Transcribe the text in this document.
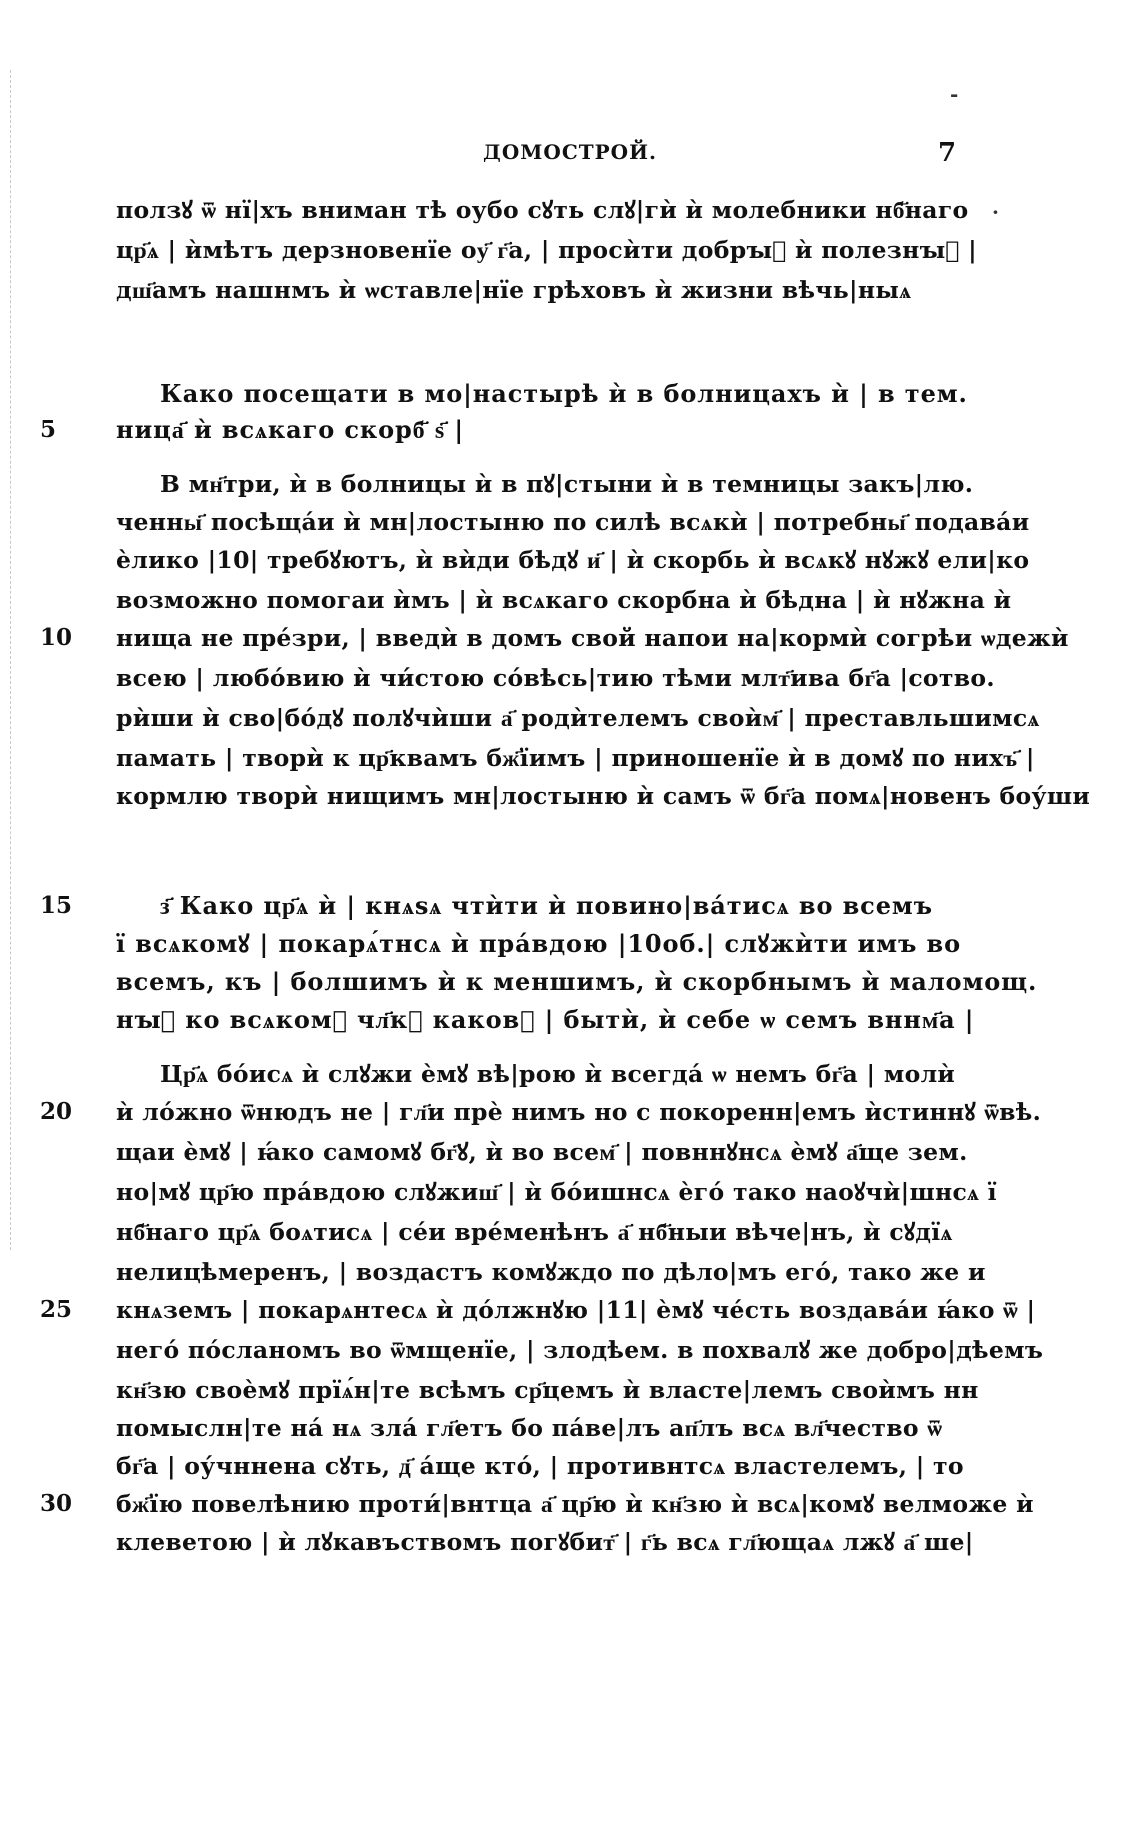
ДОМОСТРОЙ.	7
-
·
5
10
15
20
25
30
ползꙋ ѿ нї|хъ вниман тѣ оубо сꙋть слꙋ|гѝ ѝ молебники нб҃наго
цр҃ѧ | ѝмѣтъ дерзновенїе оу҃ г҃а, | просѝти добрꙑ҃ ѝ полезнꙑ҃ |
дш҃амъ нашнмъ ѝ ѡставле|нїе грѣховъ ѝ жизни вѣчь|ныѧ
Како посещати в мо|настырѣ ѝ в болницахъ ѝ | в тем.
ница҃ ѝ всѧкаго скорб҃ ѕ҃ |
В мн҃три, ѝ в болницы ѝ в пꙋ|стыни ѝ в темницы закъ|лю.
ченны҃ посѣща́и ѝ мн|лостыню по силѣ всѧкѝ | потребны҃ подава́и
ѐлико |10| требꙋютъ, ѝ вѝди бѣдꙋ и҃ | ѝ скорбь ѝ всѧкꙋ нꙋжꙋ ели|ко
возможно помогаи ѝмъ | ѝ всѧкаго скорбна ѝ бѣдна | ѝ нꙋжна ѝ
нища не пре́зри, | введѝ в домъ свой напои на|кормѝ согрѣи ѡдежѝ
всею | любо́вию ѝ чи́стою со́вѣсь|тию тѣми млт҃ива бг҃а |сотво.
рѝши ѝ сво|бо́дꙋ полꙋчѝши а҃ родѝтелемъ своѝм҃ | преставльшимсѧ
памать | творѝ к цр҃квамъ бж҃їимъ | приношенїе ѝ в домꙋ по нихъ҃ |
кормлю творѝ нищимъ мн|лостыню ѝ самъ ѿ бг҃а помѧ|новенъ боу́ши
з҃ Како цр҃ѧ ѝ | кнѧѕѧ чтѝти ѝ повино|ва́тисѧ во всемъ
ї всѧкомꙋ | покарѧ́тнсѧ ѝ пра́вдою |10об.| слꙋжѝти имъ во
всемъ, къ | болшимъ ѝ к меншимъ, ѝ скорбнымъ ѝ маломощ.
нꙑ҃ ко всѧкомꙋ чл҃кꙋ каковꙋ | бытѝ, ѝ себе ѡ семъ вннм҃а |
Цр҃ѧ бо́исѧ ѝ слꙋжи ѐмꙋ вѣ|рою ѝ всегда́ ѡ немъ бг҃а | молѝ
ѝ ло́жно ѿнюдъ не | гл҃и прѐ нимъ но с покоренн|емъ ѝстиннꙋ ѿвѣ.
щаи ѐмꙋ | ꙗ́ко самомꙋ бг҃ꙋ, ѝ во всем҃ | повннꙋнсѧ ѐмꙋ а҃ще зем.
но|мꙋ цр҃ю пра́вдою слꙋжиш҃ | ѝ бо́ишнсѧ ѐго́ тако наоꙋчѝ|шнсѧ ї
нб҃наго цр҃ѧ боѧтисѧ | се́и вре́менѣнъ а҃ нб҃ныи вѣче|нъ, ѝ сꙋдїѧ
нелицѣмеренъ, | воздастъ комꙋждо по дѣло|мъ его́, тако же и
кнѧземъ | покарѧнтесѧ ѝ до́лжнꙋю |11| ѐмꙋ че́сть воздава́и ꙗ́ко ѿ |
него́ по́сланомъ во ѿмщенїе, | злодѣем. в похвалꙋ же добро|дѣемъ
кн҃зю своѐмꙋ прїѧ́н|те всѣмъ ср҃цемъ ѝ власте|лемъ своѝмъ нн
помыслн|те на́ нѧ зла́ гл҃етъ бо па́ве|лъ ап҃лъ всѧ вл҃чество ѿ
бг҃а | оу́чннена сꙋть, д҃ а́ще кто́, | противнтсѧ властелемъ, | то
бж҃їю повелѣнию проти́|внтца а҃ цр҃ю ѝ кн҃зю ѝ всѧ|комꙋ велможе ѝ
клеветою | ѝ лꙋкавъствомъ погꙋбит҃ | г҃ь всѧ гл҃ющаѧ лжꙋ а҃ ше|
